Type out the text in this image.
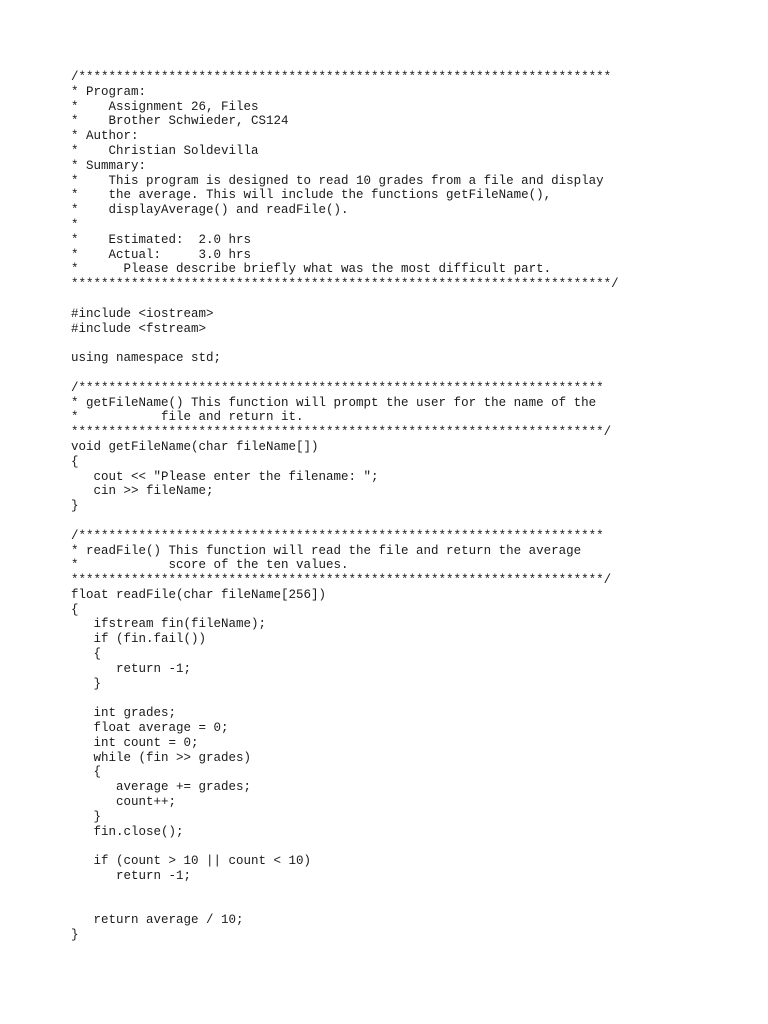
/***********************************************************************
* Program:
*    Assignment 26, Files
*    Brother Schwieder, CS124
* Author:
*    Christian Soldevilla
* Summary:
*    This program is designed to read 10 grades from a file and display
*    the average. This will include the functions getFileName(),
*    displayAverage() and readFile().
*
*    Estimated:  2.0 hrs
*    Actual:     3.0 hrs
*      Please describe briefly what was the most difficult part.
************************************************************************/
#include <iostream>
#include <fstream>
using namespace std;
/**********************************************************************
* getFileName() This function will prompt the user for the name of the
*           file and return it.
***********************************************************************/
void getFileName(char fileName[])
{
cout << "Please enter the filename: ";
cin >> fileName;
}
/**********************************************************************
* readFile() This function will read the file and return the average
*            score of the ten values.
***********************************************************************/
float readFile(char fileName[256])
{
ifstream fin(fileName);
if (fin.fail())
{
return -1;
}
int grades;
float average = 0;
int count = 0;
while (fin >> grades)
{
average += grades;
count++;
}
fin.close();
if (count > 10 || count < 10)
return -1;
return average / 10;
}
